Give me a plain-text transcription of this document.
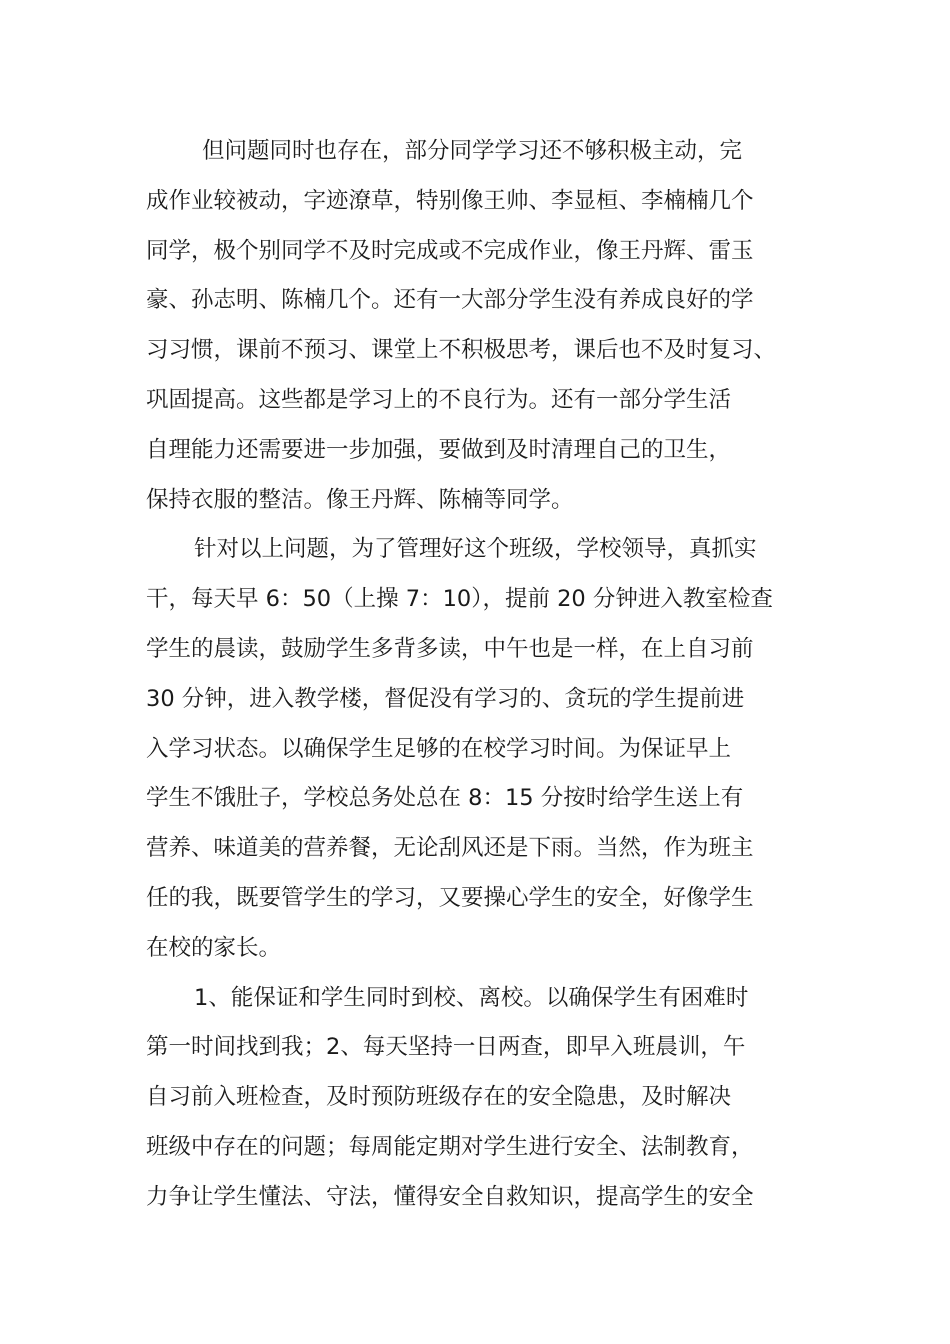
但问题同时也存在，部分同学学习还不够积极主动，完
成作业较被动，字迹潦草，特别像王帅、李显桓、李楠楠几个
同学，极个别同学不及时完成或不完成作业，像王丹辉、雷玉
豪、孙志明、陈楠几个。还有一大部分学生没有养成良好的学
习习惯，课前不预习、课堂上不积极思考，课后也不及时复习、
巩固提高。这些都是学习上的不良行为。还有一部分学生活
自理能力还需要进一步加强，要做到及时清理自己的卫生，
保持衣服的整洁。像王丹辉、陈楠等同学。
针对以上问题，为了管理好这个班级，学校领导，真抓实
干，每天早 6：50（上操 7：10），提前 20 分钟进入教室检查
学生的晨读，鼓励学生多背多读，中午也是一样，在上自习前
30 分钟，进入教学楼，督促没有学习的、贪玩的学生提前进
入学习状态。以确保学生足够的在校学习时间。为保证早上
学生不饿肚子，学校总务处总在 8：15 分按时给学生送上有
营养、味道美的营养餐，无论刮风还是下雨。当然，作为班主
任的我，既要管学生的学习，又要操心学生的安全，好像学生
在校的家长。
1、能保证和学生同时到校、离校。以确保学生有困难时
第一时间找到我；2、每天坚持一日两查，即早入班晨训，午
自习前入班检查，及时预防班级存在的安全隐患，及时解决
班级中存在的问题；每周能定期对学生进行安全、法制教育，
力争让学生懂法、守法，懂得安全自救知识，提高学生的安全
